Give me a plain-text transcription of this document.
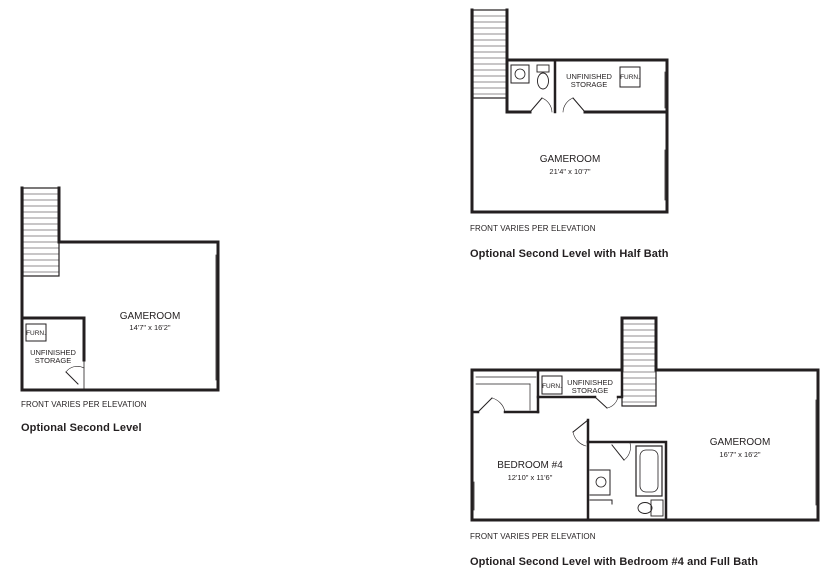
GAMEROOM
14'7" x 16'2"
FURN.
UNFINISHED
STORAGE
GAMEROOM
21'4" x 10'7"
UNFINISHED
STORAGE
FURN.
GAMEROOM
16'7" x 16'2"
BEDROOM #4
12'10" x 11'6"
UNFINISHED
STORAGE
FURN.
FRONT VARIES PER ELEVATION
Optional Second Level
FRONT VARIES PER ELEVATION
Optional Second Level with Half Bath
FRONT VARIES PER ELEVATION
Optional Second Level with Bedroom #4 and Full Bath
